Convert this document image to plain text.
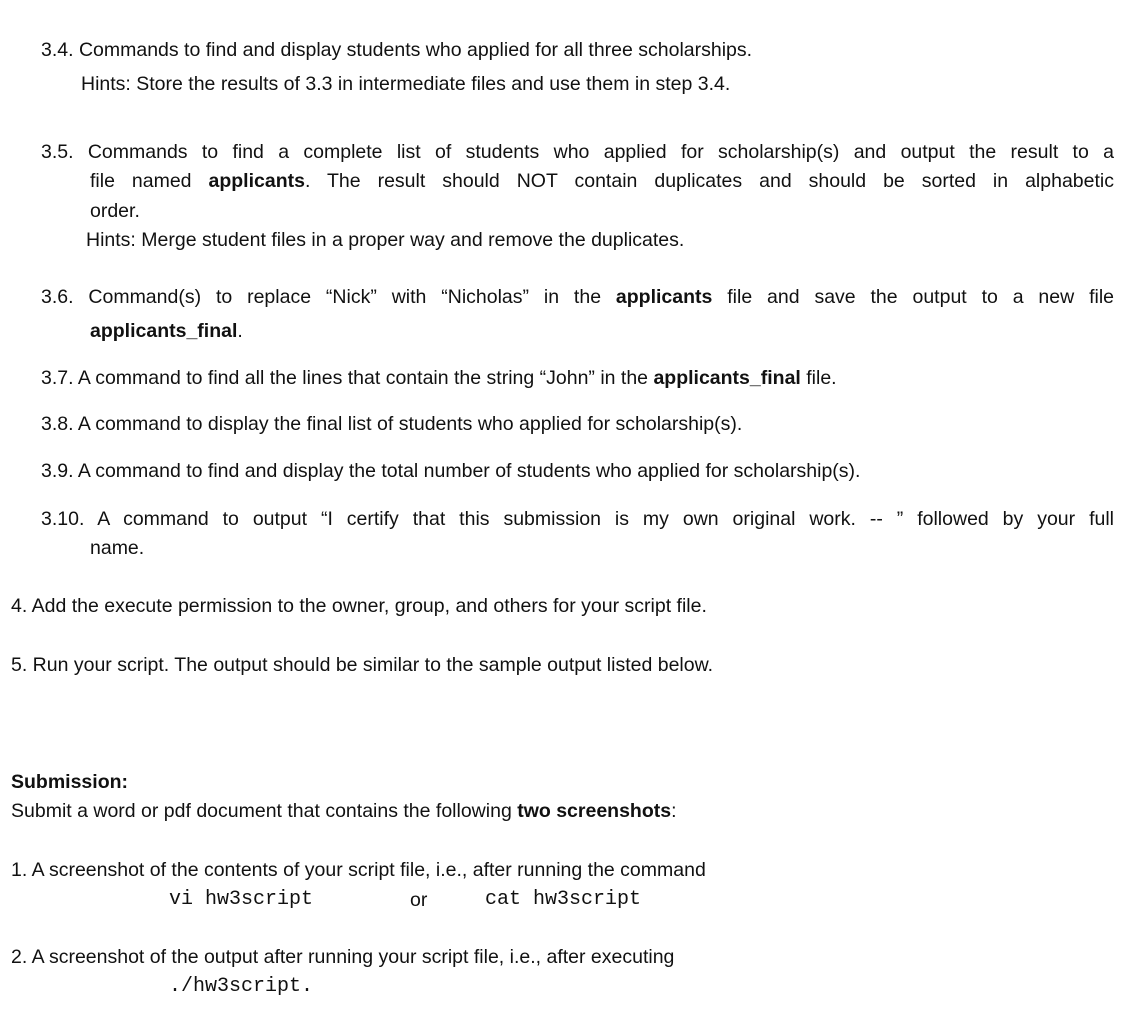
3.4. Commands to find and display students who applied for all three scholarships.
Hints: Store the results of 3.3 in intermediate files and use them in step 3.4.
3.5. Commands to find a complete list of students who applied for scholarship(s) and output the result to a
file named applicants. The result should NOT contain duplicates and should be sorted in alphabetic
order.
Hints: Merge student files in a proper way and remove the duplicates.
3.6. Command(s) to replace “Nick” with “Nicholas” in the applicants file and save the output to a new file
applicants_final.
3.7. A command to find all the lines that contain the string “John” in the applicants_final file.
3.8. A command to display the final list of students who applied for scholarship(s).
3.9. A command to find and display the total number of students who applied for scholarship(s).
3.10. A command to output “I certify that this submission is my own original work. -- ” followed by your full
name.
4. Add the execute permission to the owner, group, and others for your script file.
5. Run your script. The output should be similar to the sample output listed below.
Submission:
Submit a word or pdf document that contains the following two screenshots:
1. A screenshot of the contents of your script file, i.e., after running the command
vi hw3script	or	cat hw3script
2. A screenshot of the output after running your script file, i.e., after executing
./hw3script.
